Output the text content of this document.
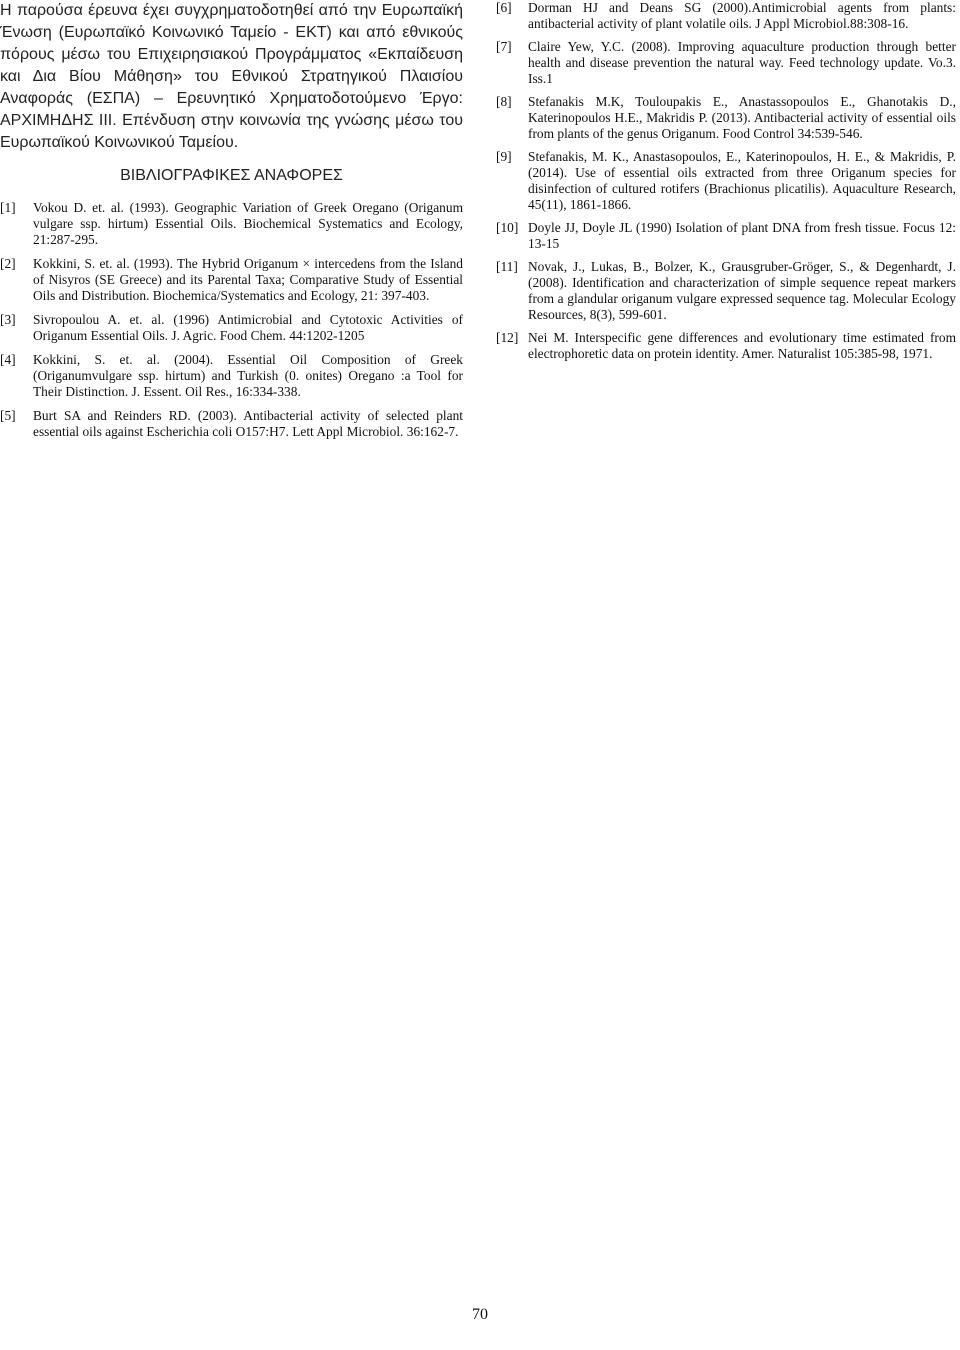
Η παρούσα έρευνα έχει συγχρηματοδοτηθεί από την Ευρωπαϊκή Ένωση (Ευρωπαϊκό Κοινωνικό Ταμείο - ΕΚΤ) και από εθνικούς πόρους μέσω του Επιχειρησιακού Προγράμματος «Εκπαίδευση και Δια Βίου Μάθηση» του Εθνικού Στρατηγικού Πλαισίου Αναφοράς (ΕΣΠΑ) – Ερευνητικό Χρηματοδοτούμενο Έργο: ΑΡΧΙΜΗΔΗΣ ΙΙΙ. Επένδυση στην κοινωνία της γνώσης μέσω του Ευρωπαϊκού Κοινωνικού Ταμείου.

ΒΙΒΛΙΟΓΡΑΦΙΚΕΣ ΑΝΑΦΟΡΕΣ
[1] Vokou D. et. al. (1993). Geographic Variation of Greek Oregano (Origanum vulgare ssp. hirtum) Essential Oils. Biochemical Systematics and Ecology, 21:287-295.
[2] Kokkini, S. et. al. (1993). The Hybrid Origanum × intercedens from the Island of Nisyros (SE Greece) and its Parental Taxa; Comparative Study of Essential Oils and Distribution. Biochemica/Systematics and Ecology, 21: 397-403.
[3] Sivropoulou A. et. al. (1996) Antimicrobial and Cytotoxic Activities of Origanum Essential Oils. J. Agric. Food Chem. 44:1202-1205
[4] Kokkini, S. et. al. (2004). Essential Oil Composition of Greek (Origanumvulgare ssp. hirtum) and Turkish (0. onites) Oregano :a Tool for Their Distinction. J. Essent. Oil Res., 16:334-338.
[5] Burt SA and Reinders RD. (2003). Antibacterial activity of selected plant essential oils against Escherichia coli O157:H7. Lett Appl Microbiol. 36:162-7.
[6] Dorman HJ and Deans SG (2000).Antimicrobial agents from plants: antibacterial activity of plant volatile oils. J Appl Microbiol.88:308-16.
[7] Claire Yew, Y.C. (2008). Improving aquaculture production through better health and disease prevention the natural way. Feed technology update. Vo.3. Iss.1
[8] Stefanakis M.K, Touloupakis E., Anastassopoulos E., Ghanotakis D., Katerinopoulos H.E., Makridis P. (2013). Antibacterial activity of essential oils from plants of the genus Origanum. Food Control 34:539-546.
[9] Stefanakis, M. K., Anastasopoulos, E., Katerinopoulos, H. E., & Makridis, P. (2014). Use of essential oils extracted from three Origanum species for disinfection of cultured rotifers (Brachionus plicatilis). Aquaculture Research, 45(11), 1861-1866.
[10] Doyle JJ, Doyle JL (1990) Isolation of plant DNA from fresh tissue. Focus 12: 13-15
[11] Novak, J., Lukas, B., Bolzer, K., Grausgruber-Gröger, S., & Degenhardt, J. (2008). Identification and characterization of simple sequence repeat markers from a glandular origanum vulgare expressed sequence tag. Molecular Ecology Resources, 8(3), 599-601.
[12] Nei M. Interspecific gene differences and evolutionary time estimated from electrophoretic data on protein identity. Amer. Naturalist 105:385-98, 1971.
70
